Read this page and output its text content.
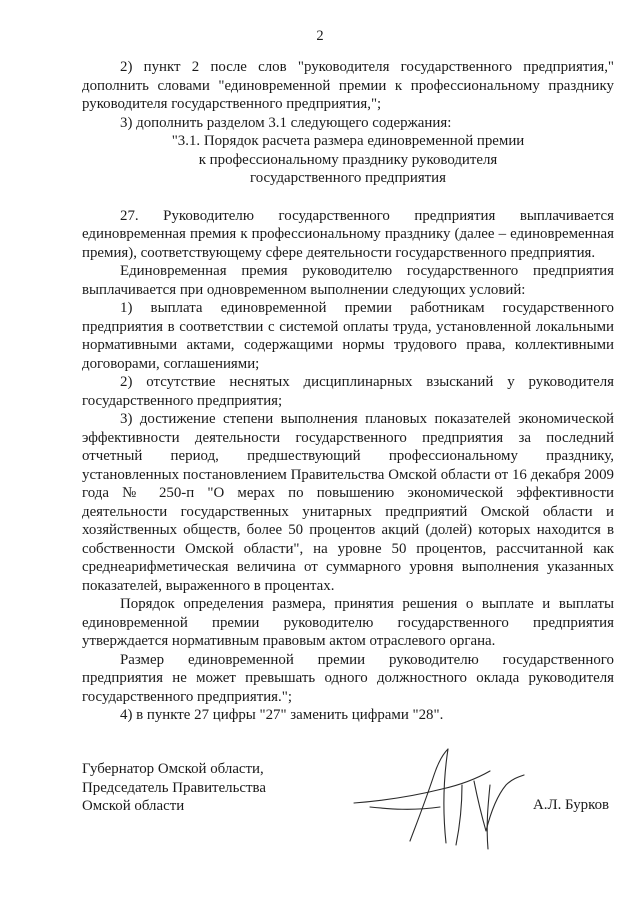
2

2) пункт 2 после слов "руководителя государственного предприятия," дополнить словами "единовременной премии к профессиональному празднику руководителя государственного предприятия,";

3) дополнить разделом 3.1 следующего содержания:

"3.1. Порядок расчета размера единовременной премии

к профессиональному празднику руководителя

государственного предприятия

27. Руководителю государственного предприятия выплачивается единовременная премия к профессиональному празднику (далее – единовременная премия), соответствующему сфере деятельности государственного предприятия.

Единовременная премия руководителю государственного предприятия выплачивается при одновременном выполнении следующих условий:

1) выплата единовременной премии работникам государственного предприятия в соответствии с системой оплаты труда, установленной локальными нормативными актами, содержащими нормы трудового права, коллективными договорами, соглашениями;

2) отсутствие неснятых дисциплинарных взысканий у руководителя государственного предприятия;

3) достижение степени выполнения плановых показателей экономической эффективности деятельности государственного предприятия за последний отчетный период, предшествующий профессиональному празднику, установленных постановлением Правительства Омской области от 16 декабря 2009 года № 250-п "О мерах по повышению экономической эффективности деятельности государственных унитарных предприятий Омской области и хозяйственных обществ, более 50 процентов акций (долей) которых находится в собственности Омской области", на уровне 50 процентов, рассчитанной как среднеарифметическая величина от суммарного уровня выполнения указанных показателей, выраженного в процентах.

Порядок определения размера, принятия решения о выплате и выплаты единовременной премии руководителю государственного предприятия утверждается нормативным правовым актом отраслевого органа.

Размер единовременной премии руководителю государственного предприятия не может превышать одного должностного оклада руководителя государственного предприятия.";

4) в пункте 27 цифры "27" заменить цифрами "28".

Губернатор Омской области,
Председатель Правительства
Омской области	А.Л. Бурков
